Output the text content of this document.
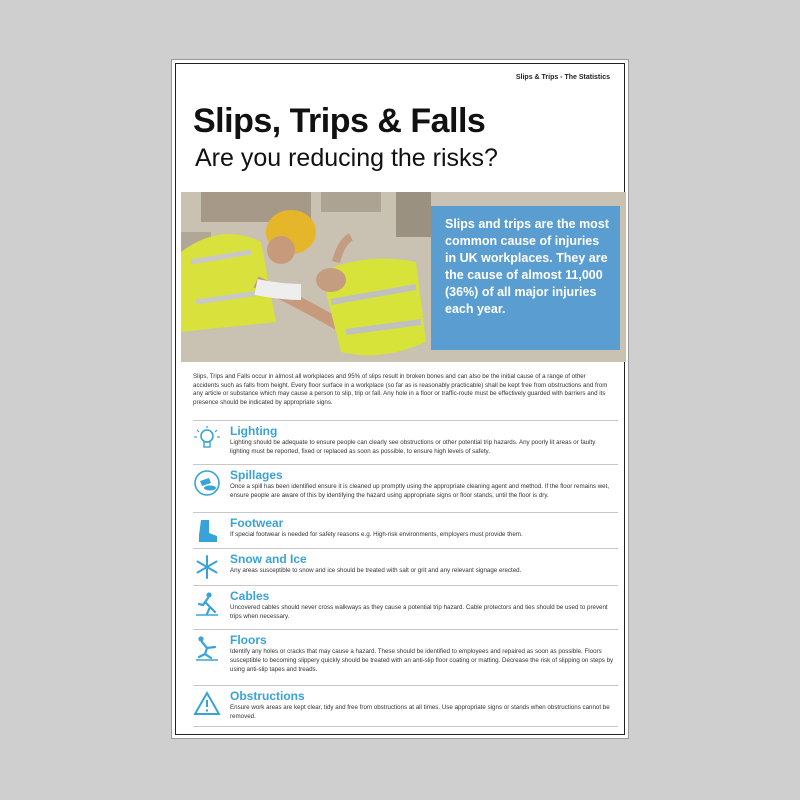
Slips & Trips - The Statistics
Slips, Trips & Falls
Are you reducing the risks?
Slips and trips are the most common cause of injuries in UK workplaces. They are the cause of almost 11,000 (36%) of all major injuries each year.
Slips, Trips and Falls occur in almost all workplaces and 95% of slips result in broken bones and can also be the initial cause of a range of other accidents such as falls from height. Every floor surface in a workplace (so far as is reasonably practicable) shall be kept free from obstructions and from any article or substance which may cause a person to slip, trip or fall. Any hole in a floor or traffic-route must be effectively guarded with barriers and its presence should be indicated by appropriate signs.
Lighting
Lighting should be adequate to ensure people can clearly see obstructions or other potential trip hazards. Any poorly lit areas or faulty lighting must be reported, fixed or replaced as soon as possible, to ensure high levels of safety.
Spillages
Once a spill has been identified ensure it is cleaned up promptly using the appropriate cleaning agent and method. If the floor remains wet, ensure people are aware of this by identifying the hazard using appropriate signs or floor stands, until the floor is dry.
Footwear
If special footwear is needed for safety reasons e.g. High-risk environments, employers must provide them.
Snow and Ice
Any areas susceptible to snow and ice should be treated with salt or grit and any relevant signage erected.
Cables
Uncovered cables should never cross walkways as they cause a potential trip hazard. Cable protectors and ties should be used to prevent trips when necessary.
Floors
Identify any holes or cracks that may cause a hazard. These should be identified to employees and repaired as soon as possible. Floors susceptible to becoming slippery quickly should be treated with an anti-slip floor coating or matting. Decrease the risk of slipping on steps by using anti-slip tapes and treads.
Obstructions
Ensure work areas are kept clear, tidy and free from obstructions at all times. Use appropriate signs or stands when obstructions cannot be removed.
